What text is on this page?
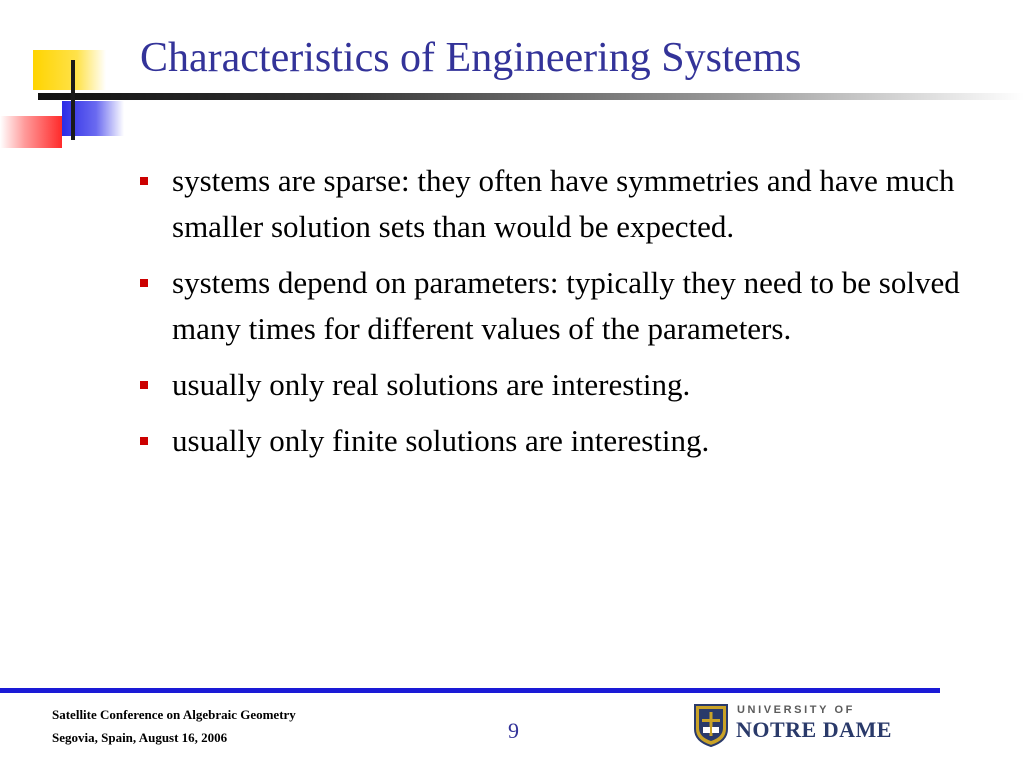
Characteristics of Engineering Systems
systems are sparse: they often have symmetries and have much smaller solution sets than would be expected.
systems depend on parameters: typically they need to be solved many times for different values of the parameters.
usually only real solutions are interesting.
usually only finite solutions are interesting.
Satellite Conference on Algebraic Geometry
Segovia, Spain, August 16, 2006	9
UNIVERSITY OF
NOTRE DAME
